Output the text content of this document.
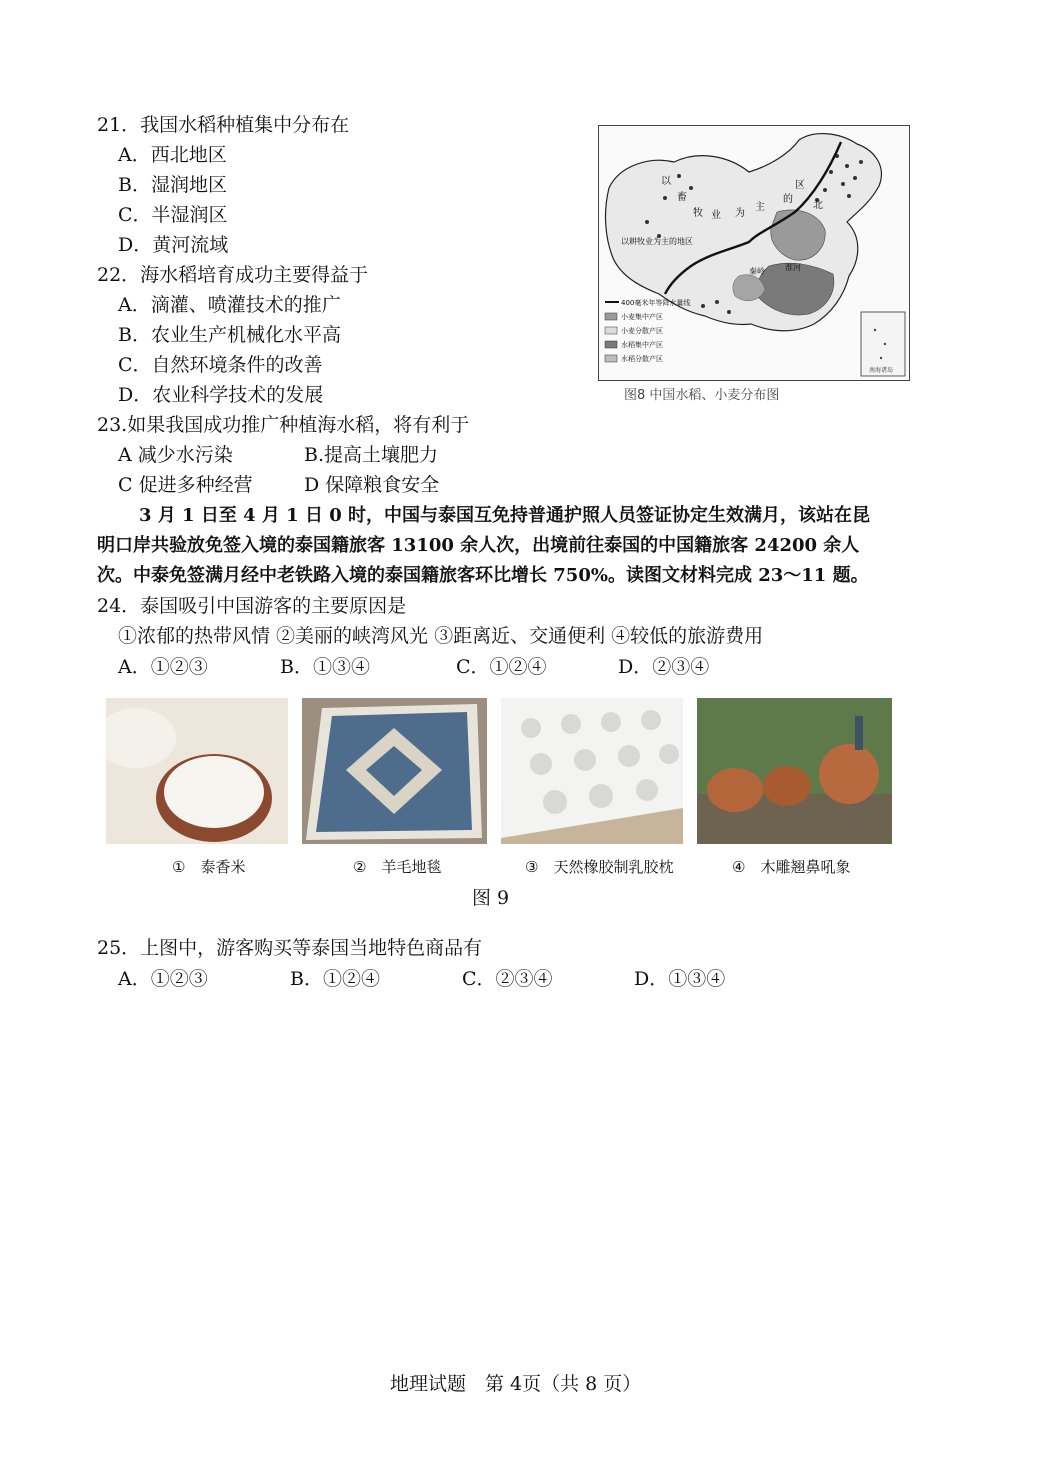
21．我国水稻种植集中分布在
A．西北地区
B．湿润地区
C．半湿润区
D．黄河流域
22．海水稻培育成功主要得益于
A．滴灌、喷灌技术的推广
B．农业生产机械化水平高
C．自然环境条件的改善
D．农业科学技术的发展
23.如果我国成功推广种植海水稻，将有利于
A 减少水污染	B.提高土壤肥力
C 促进多种经营	D 保障粮食安全
3 月 1 日至 4 月 1 日 0 时，中国与泰国互免持普通护照人员签证协定生效满月，该站在昆
明口岸共验放免签入境的泰国籍旅客 13100 余人次，出境前往泰国的中国籍旅客 24200 余人
次。中泰免签满月经中老铁路入境的泰国籍旅客环比增长 750%。读图文材料完成 23～11 题。
24．泰国吸引中国游客的主要原因是
①浓郁的热带风情 ②美丽的峡湾风光 ③距离近、交通便利 ④较低的旅游费用
A．①②③	B．①③④	C．①②④	D．②③④
以
畜
牧 业 为
主
的
区
北
以耕牧业为主的地区
秦岭	淮河
400毫米年等降水量线
小麦集中产区
小麦分散产区
水稻集中产区
水稻分散产区
南海诸岛
图8 中国水稻、小麦分布图
①　泰香米	②　羊毛地毯	③　天然橡胶制乳胶枕	④　木雕翘鼻吼象
图 9
25．上图中，游客购买等泰国当地特色商品有
A．①②③	B．①②④	C．②③④	D．①③④
地理试题　第 4页（共 8 页）
